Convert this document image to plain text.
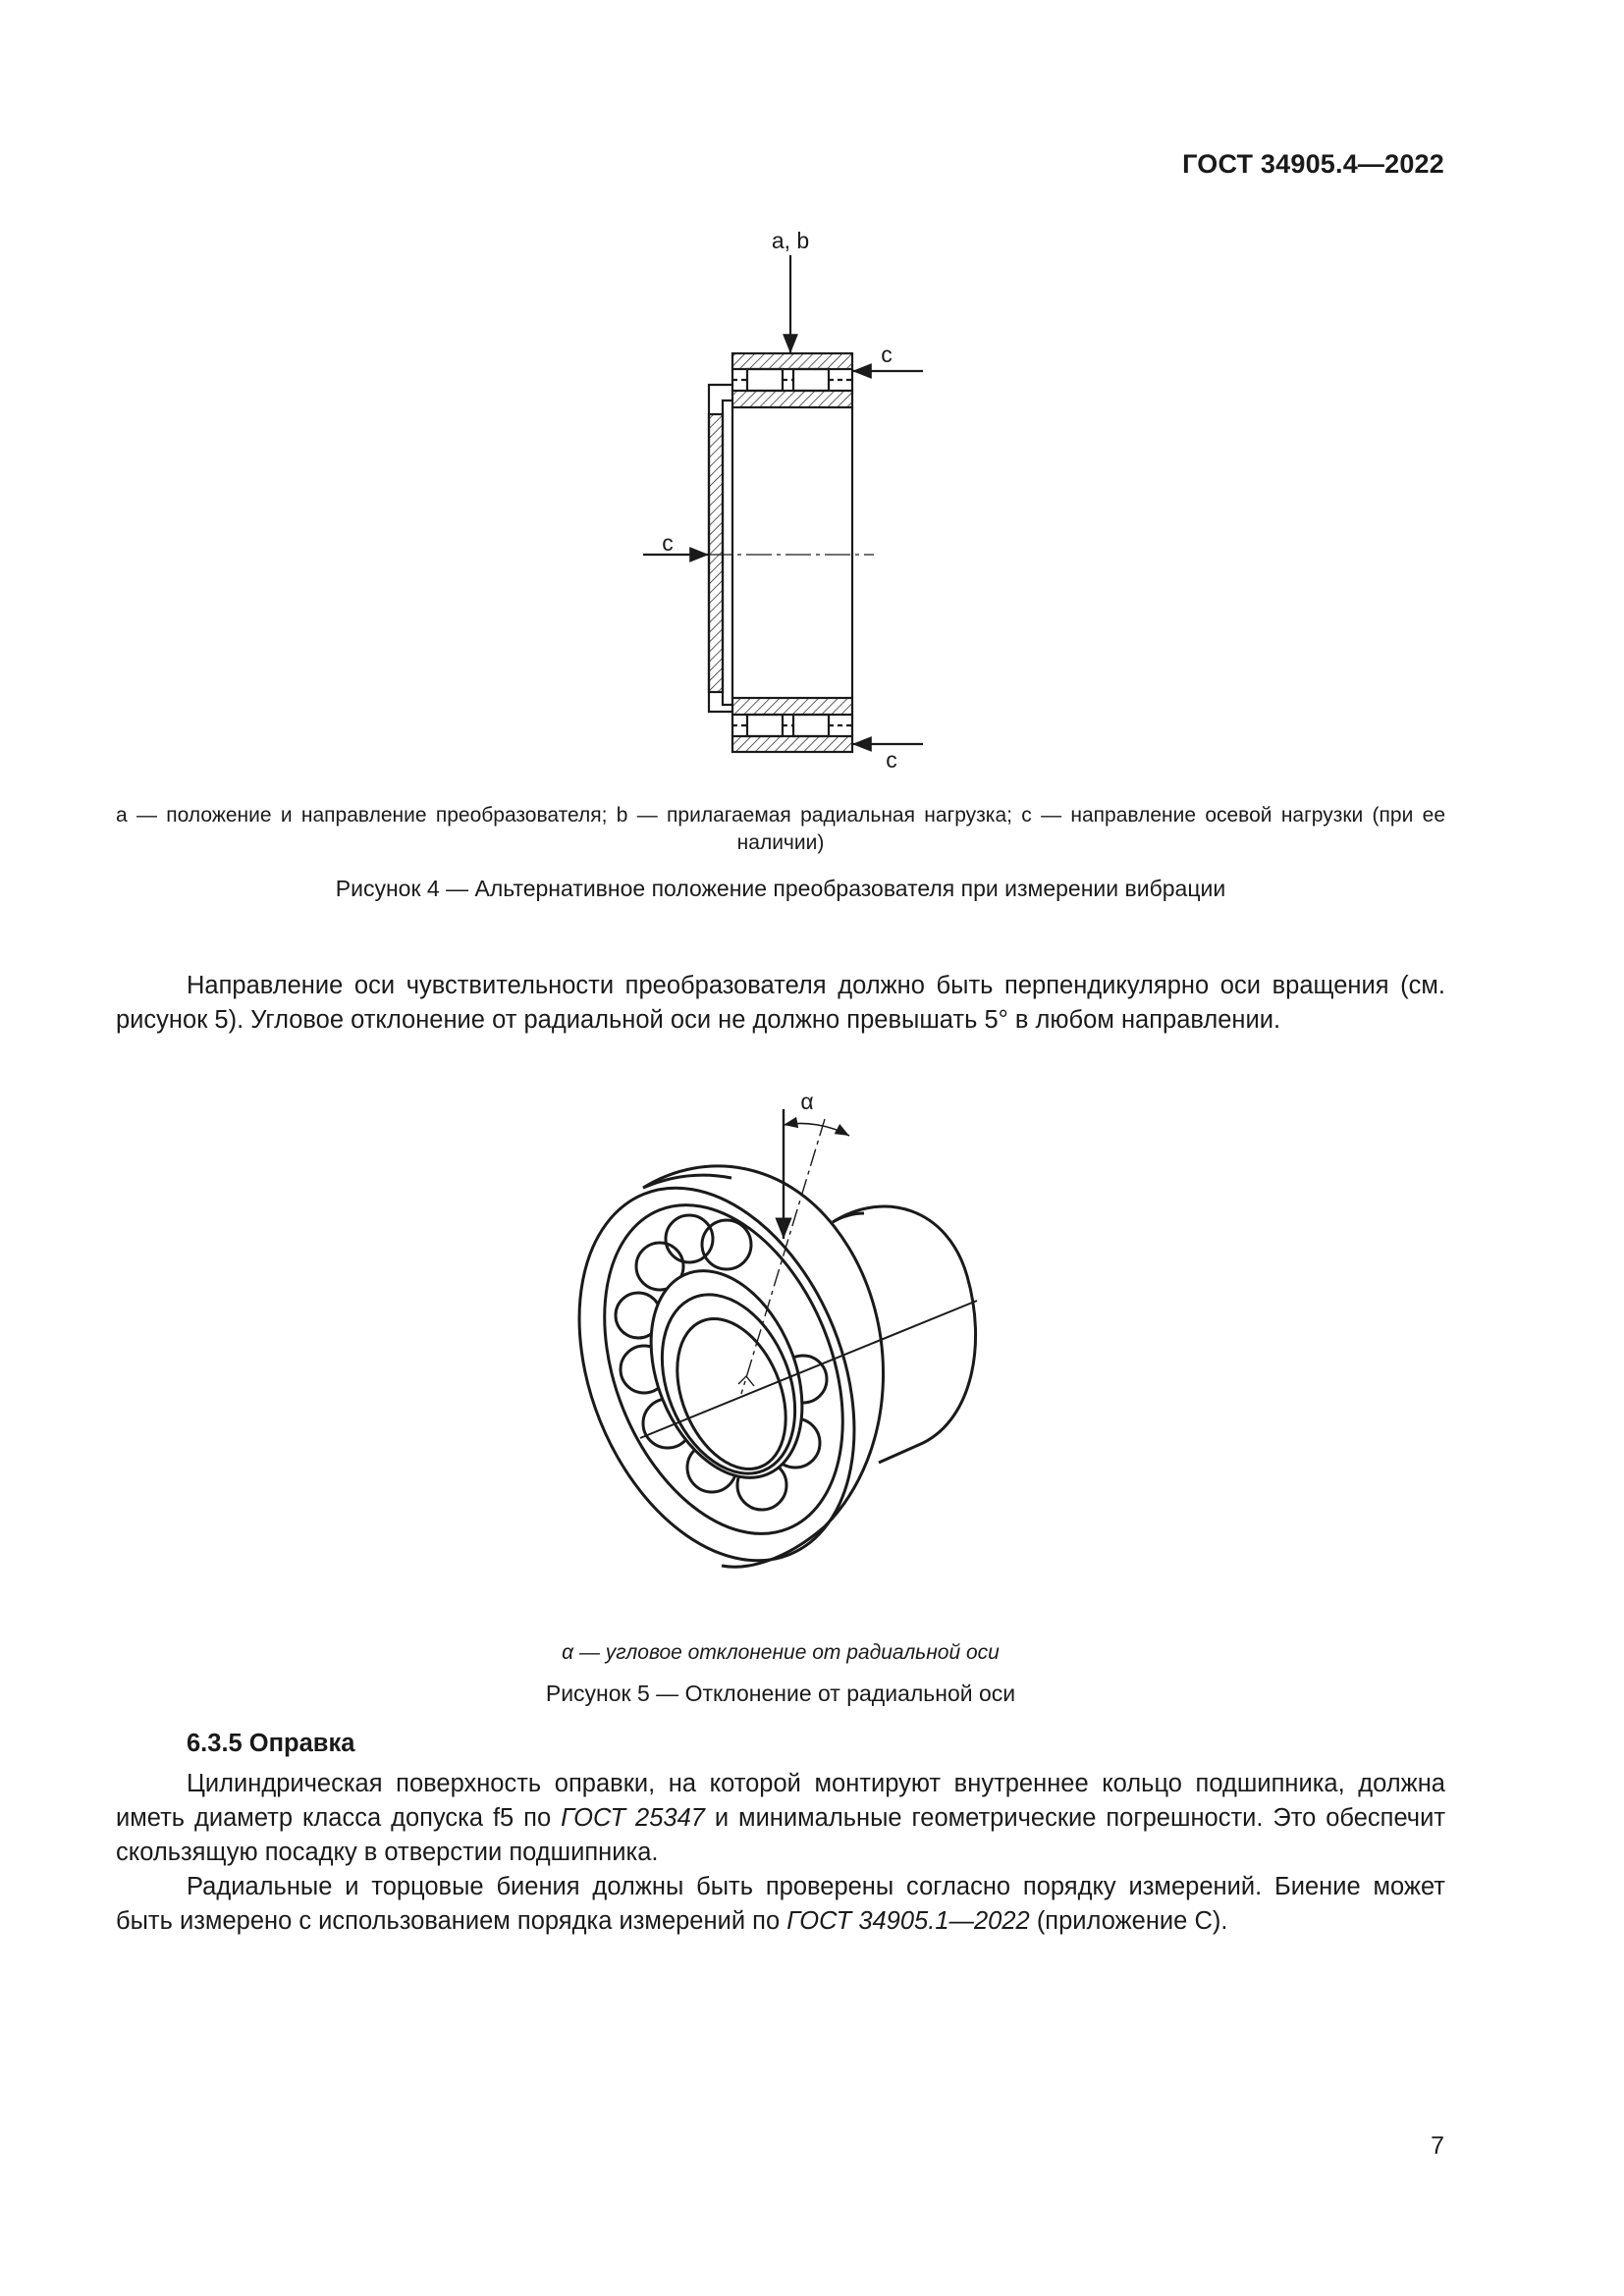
ГОСТ 34905.4—2022
a, b
c
c
c
a — положение и направление преобразователя; b — прилагаемая радиальная нагрузка; c — направление осевой нагрузки (при ее наличии)
Рисунок 4 — Альтернативное положение преобразователя при измерении вибрации

Направление оси чувствительности преобразователя должно быть перпендикулярно оси вращения (см. рисунок 5). Угловое отклонение от радиальной оси не должно превышать 5° в любом направлении.

α
α — угловое отклонение от радиальной оси
Рисунок 5 — Отклонение от радиальной оси
6.3.5 Оправка

Цилиндрическая поверхность оправки, на которой монтируют внутреннее кольцо подшипника, должна иметь диаметр класса допуска f5 по ГОСТ 25347 и минимальные геометрические погрешности. Это обеспечит скользящую посадку в отверстии подшипника.

Радиальные и торцовые биения должны быть проверены согласно порядку измерений. Биение может быть измерено с использованием порядка измерений по ГОСТ 34905.1—2022 (приложение C).

7
